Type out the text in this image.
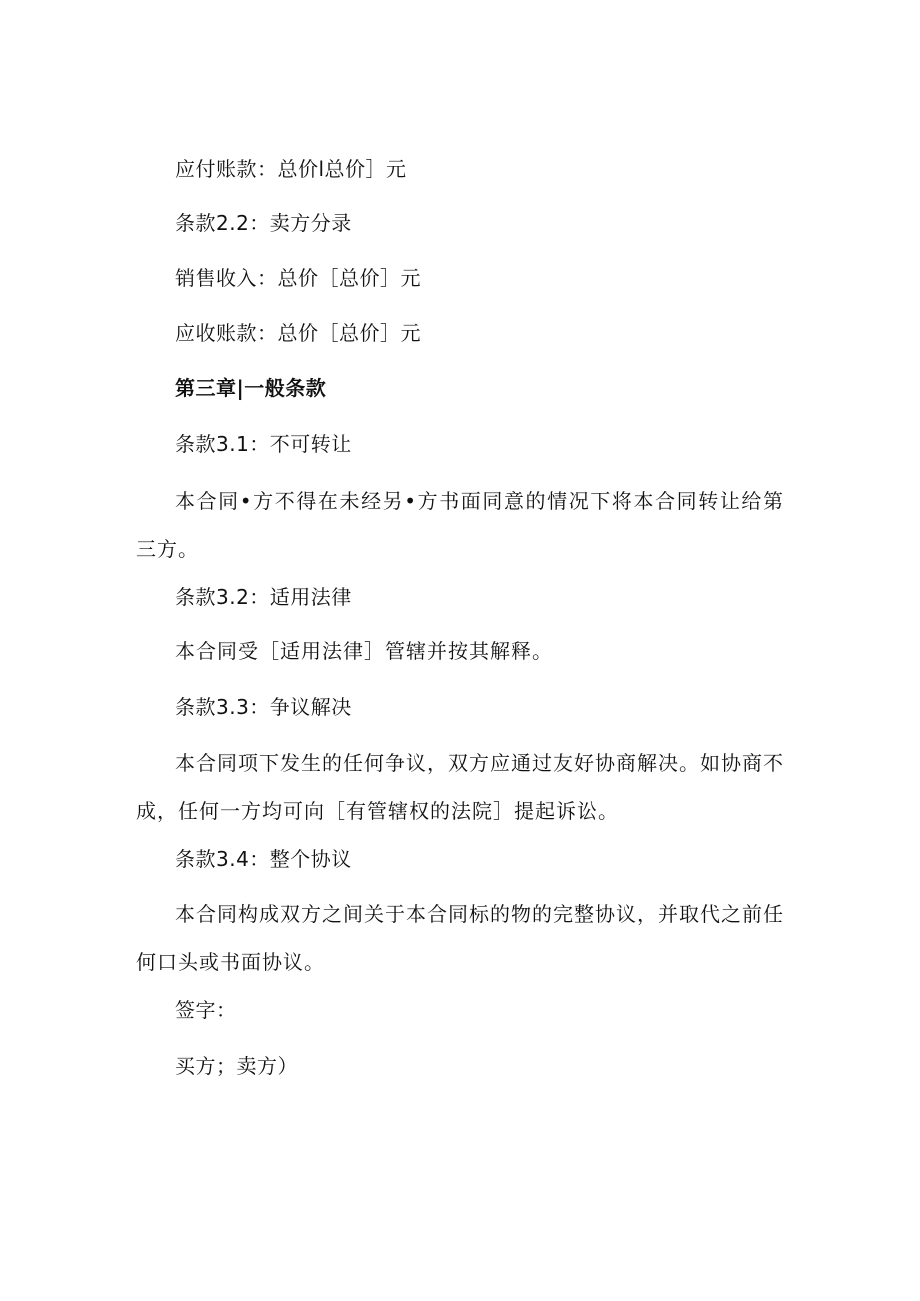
应付账款：总价l总价］元
条款2.2：卖方分录
销售收入：总价［总价］元
应收账款：总价［总价］元
第三章|一般条款
条款3.1：不可转让
本合同•方不得在未经另•方书面同意的情况下将本合同转让给第三方。
条款3.2：适用法律
本合同受［适用法律］管辖并按其解释。
条款3.3：争议解决
本合同项下发生的任何争议，双方应通过友好协商解决。如协商不成，任何一方均可向［有管辖权的法院］提起诉讼。
条款3.4：整个协议
本合同构成双方之间关于本合同标的物的完整协议，并取代之前任何口头或书面协议。
签字：
买方；卖方）
